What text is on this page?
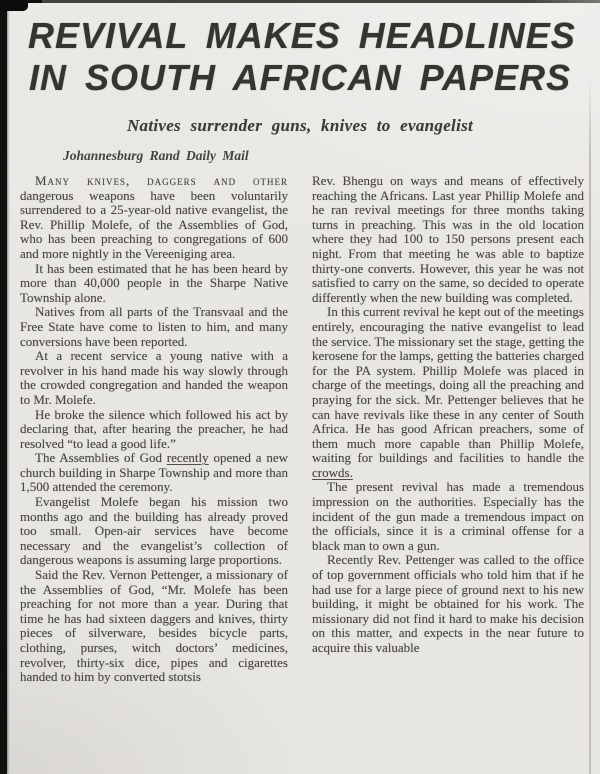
REVIVAL MAKES HEADLINES
IN SOUTH AFRICAN PAPERS

Natives surrender guns, knives to evangelist

Johannesburg Rand Daily Mail

Many knives, daggers and other dangerous weapons have been voluntarily surrendered to a 25-year-old native evangelist, the Rev. Phillip Molefe, of the Assemblies of God, who has been preaching to congregations of 600 and more nightly in the Vereeniging area.

It has been estimated that he has been heard by more than 40,000 people in the Sharpe Native Township alone.

Natives from all parts of the Transvaal and the Free State have come to listen to him, and many conversions have been reported.

At a recent service a young native with a revolver in his hand made his way slowly through the crowded congregation and handed the weapon to Mr. Molefe.

He broke the silence which followed his act by declaring that, after hearing the preacher, he had resolved “to lead a good life.”

The Assemblies of God recently opened a new church building in Sharpe Township and more than 1,500 attended the ceremony.

Evangelist Molefe began his mission two months ago and the building has already proved too small. Open-air services have become necessary and the evangelist’s collection of dangerous weapons is assuming large proportions.

Said the Rev. Vernon Pettenger, a missionary of the Assemblies of God, “Mr. Molefe has been preaching for not more than a year. During that time he has had sixteen daggers and knives, thirty pieces of silverware, besides bicycle parts, clothing, purses, witch doctors’ medicines, revolver, thirty-six dice, pipes and cigarettes handed to him by converted stotsis

Rev. Bhengu on ways and means of effectively reaching the Africans. Last year Phillip Molefe and he ran revival meetings for three months taking turns in preaching. This was in the old location where they had 100 to 150 persons present each night. From that meeting he was able to baptize thirty-one converts. However, this year he was not satisfied to carry on the same, so decided to operate differently when the new building was completed.

In this current revival he kept out of the meetings entirely, encouraging the native evangelist to lead the service. The missionary set the stage, getting the kerosene for the lamps, getting the batteries charged for the PA system. Phillip Molefe was placed in charge of the meetings, doing all the preaching and praying for the sick. Mr. Pettenger believes that he can have revivals like these in any center of South Africa. He has good African preachers, some of them much more capable than Phillip Molefe, waiting for buildings and facilities to handle the crowds.

The present revival has made a tremendous impression on the authorities. Especially has the incident of the gun made a tremendous impact on the officials, since it is a criminal offense for a black man to own a gun.

Recently Rev. Pettenger was called to the office of top government officials who told him that if he had use for a large piece of ground next to his new building, it might be obtained for his work. The missionary did not find it hard to make his decision on this matter, and expects in the near future to acquire this valuable
